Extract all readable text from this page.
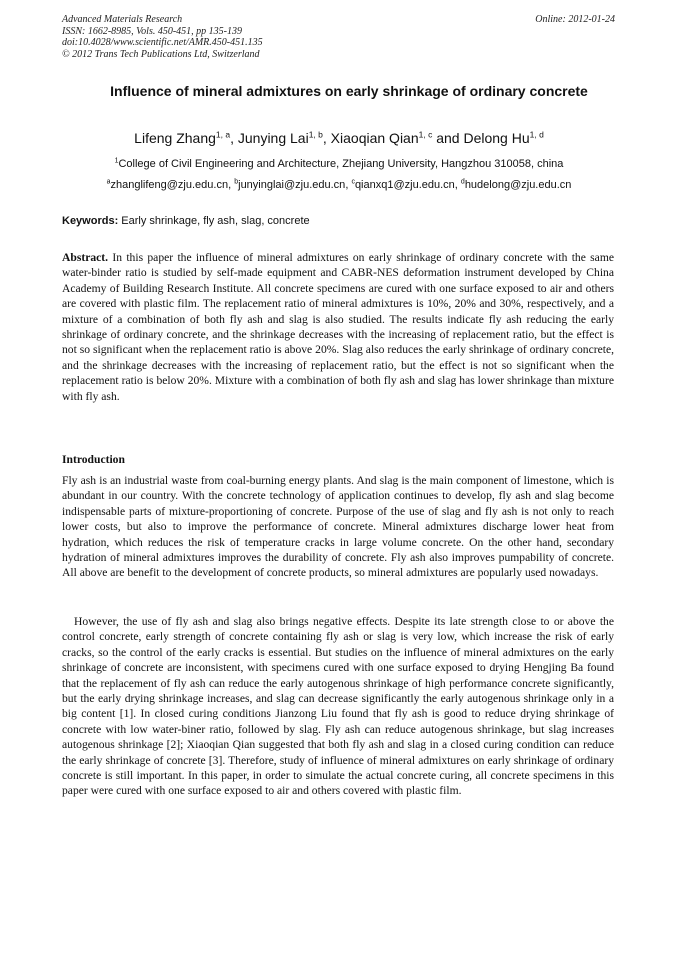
Advanced Materials Research
ISSN: 1662-8985, Vols. 450-451, pp 135-139
doi:10.4028/www.scientific.net/AMR.450-451.135
© 2012 Trans Tech Publications Ltd, Switzerland
Online: 2012-01-24
Influence of mineral admixtures on early shrinkage of ordinary concrete
Lifeng Zhang$^{1, a}$, Junying Lai$^{1, b}$, Xiaoqian Qian$^{1, c}$ and Delong Hu$^{1, d}$
$^1$College of Civil Engineering and Architecture, Zhejiang University, Hangzhou 310058, china
$^a$zhanglifeng@zju.edu.cn, $^b$junyinglai@zju.edu.cn, $^c$qianxq1@zju.edu.cn, $^d$hudelong@zju.edu.cn
Keywords: Early shrinkage, fly ash, slag, concrete

Abstract. In this paper the influence of mineral admixtures on early shrinkage of ordinary concrete with the same water-binder ratio is studied by self-made equipment and CABR-NES deformation instrument developed by China Academy of Building Research Institute. All concrete specimens are cured with one surface exposed to air and others are covered with plastic film. The replacement ratio of mineral admixtures is 10%, 20% and 30%, respectively, and a mixture of a combination of both fly ash and slag is also studied. The results indicate fly ash reducing the early shrinkage of ordinary concrete, and the shrinkage decreases with the increasing of replacement ratio, but the effect is not so significant when the replacement ratio is above 20%. Slag also reduces the early shrinkage of ordinary concrete, and the shrinkage decreases with the increasing of replacement ratio, but the effect is not so significant when the replacement ratio is below 20%. Mixture with a combination of both fly ash and slag has lower shrinkage than mixture with fly ash.

Introduction

Fly ash is an industrial waste from coal-burning energy plants. And slag is the main component of limestone, which is abundant in our country. With the concrete technology of application continues to develop, fly ash and slag become indispensable parts of mixture-proportioning of concrete. Purpose of the use of slag and fly ash is not only to reach lower costs, but also to improve the performance of concrete. Mineral admixtures discharge lower heat from hydration, which reduces the risk of temperature cracks in large volume concrete. On the other hand, secondary hydration of mineral admixtures improves the durability of concrete. Fly ash also improves pumpability of concrete. All above are benefit to the development of concrete products, so mineral admixtures are popularly used nowadays.

However, the use of fly ash and slag also brings negative effects. Despite its late strength close to or above the control concrete, early strength of concrete containing fly ash or slag is very low, which increase the risk of early cracks, so the control of the early cracks is essential. But studies on the influence of mineral admixtures on the early shrinkage of concrete are inconsistent, with specimens cured with one surface exposed to drying Hengjing Ba found that the replacement of fly ash can reduce the early autogenous shrinkage of high performance concrete significantly, but the early drying shrinkage increases, and slag can decrease significantly the early autogenous shrinkage only in a big content [1]. In closed curing conditions Jianzong Liu found that fly ash is good to reduce drying shrinkage of concrete with low water-biner ratio, followed by slag. Fly ash can reduce autogenous shrinkage, but slag increases autogenous shrinkage [2]; Xiaoqian Qian suggested that both fly ash and slag in a closed curing condition can reduce the early shrinkage of concrete [3]. Therefore, study of influence of mineral admixtures on early shrinkage of ordinary concrete is still important. In this paper, in order to simulate the actual concrete curing, all concrete specimens in this paper were cured with one surface exposed to air and others covered with plastic film.
